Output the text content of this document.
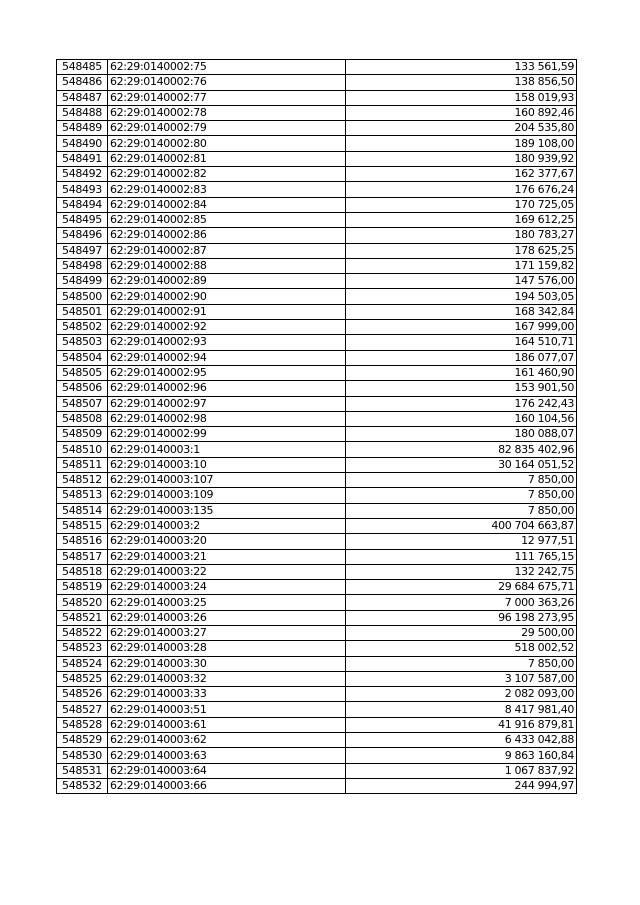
548485	62:29:0140002:75	133 561,59
548486	62:29:0140002:76	138 856,50
548487	62:29:0140002:77	158 019,93
548488	62:29:0140002:78	160 892,46
548489	62:29:0140002:79	204 535,80
548490	62:29:0140002:80	189 108,00
548491	62:29:0140002:81	180 939,92
548492	62:29:0140002:82	162 377,67
548493	62:29:0140002:83	176 676,24
548494	62:29:0140002:84	170 725,05
548495	62:29:0140002:85	169 612,25
548496	62:29:0140002:86	180 783,27
548497	62:29:0140002:87	178 625,25
548498	62:29:0140002:88	171 159,82
548499	62:29:0140002:89	147 576,00
548500	62:29:0140002:90	194 503,05
548501	62:29:0140002:91	168 342,84
548502	62:29:0140002:92	167 999,00
548503	62:29:0140002:93	164 510,71
548504	62:29:0140002:94	186 077,07
548505	62:29:0140002:95	161 460,90
548506	62:29:0140002:96	153 901,50
548507	62:29:0140002:97	176 242,43
548508	62:29:0140002:98	160 104,56
548509	62:29:0140002:99	180 088,07
548510	62:29:0140003:1	82 835 402,96
548511	62:29:0140003:10	30 164 051,52
548512	62:29:0140003:107	7 850,00
548513	62:29:0140003:109	7 850,00
548514	62:29:0140003:135	7 850,00
548515	62:29:0140003:2	400 704 663,87
548516	62:29:0140003:20	12 977,51
548517	62:29:0140003:21	111 765,15
548518	62:29:0140003:22	132 242,75
548519	62:29:0140003:24	29 684 675,71
548520	62:29:0140003:25	7 000 363,26
548521	62:29:0140003:26	96 198 273,95
548522	62:29:0140003:27	29 500,00
548523	62:29:0140003:28	518 002,52
548524	62:29:0140003:30	7 850,00
548525	62:29:0140003:32	3 107 587,00
548526	62:29:0140003:33	2 082 093,00
548527	62:29:0140003:51	8 417 981,40
548528	62:29:0140003:61	41 916 879,81
548529	62:29:0140003:62	6 433 042,88
548530	62:29:0140003:63	9 863 160,84
548531	62:29:0140003:64	1 067 837,92
548532	62:29:0140003:66	244 994,97
